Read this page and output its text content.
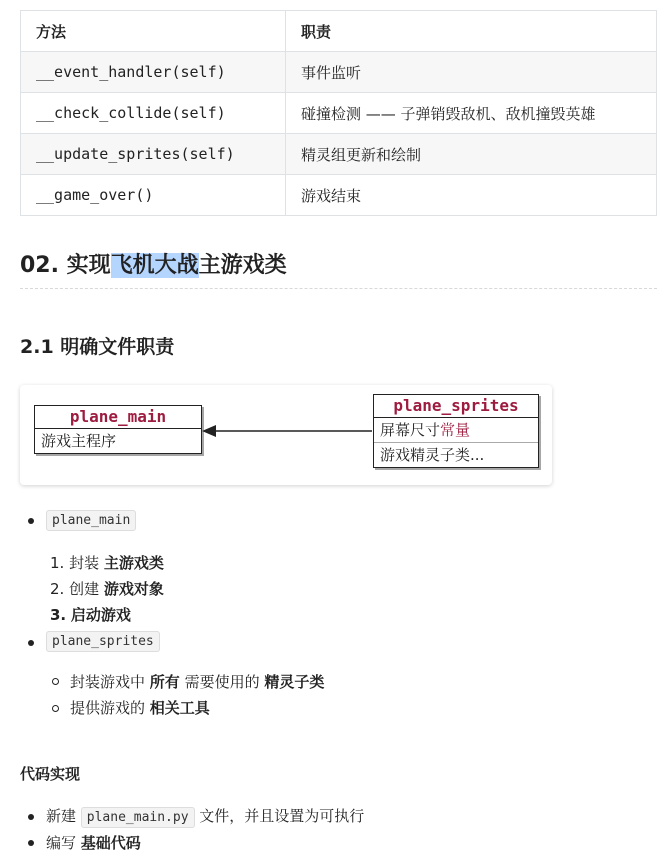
方法	职责
__event_handler(self)	事件监听
__check_collide(self)	碰撞检测 —— 子弹销毁敌机、敌机撞毁英雄
__update_sprites(self)	精灵组更新和绘制
__game_over()	游戏结束
02. 实现飞机大战主游戏类
2.1 明确文件职责
plane_main
游戏主程序
plane_sprites
屏幕尺寸常量
游戏精灵子类...
plane_main
1. 封装 主游戏类
2. 创建 游戏对象
3. 启动游戏
plane_sprites
封装游戏中 所有 需要使用的 精灵子类
提供游戏的 相关工具
代码实现
新建 plane_main.py 文件，并且设置为可执行
编写 基础代码
